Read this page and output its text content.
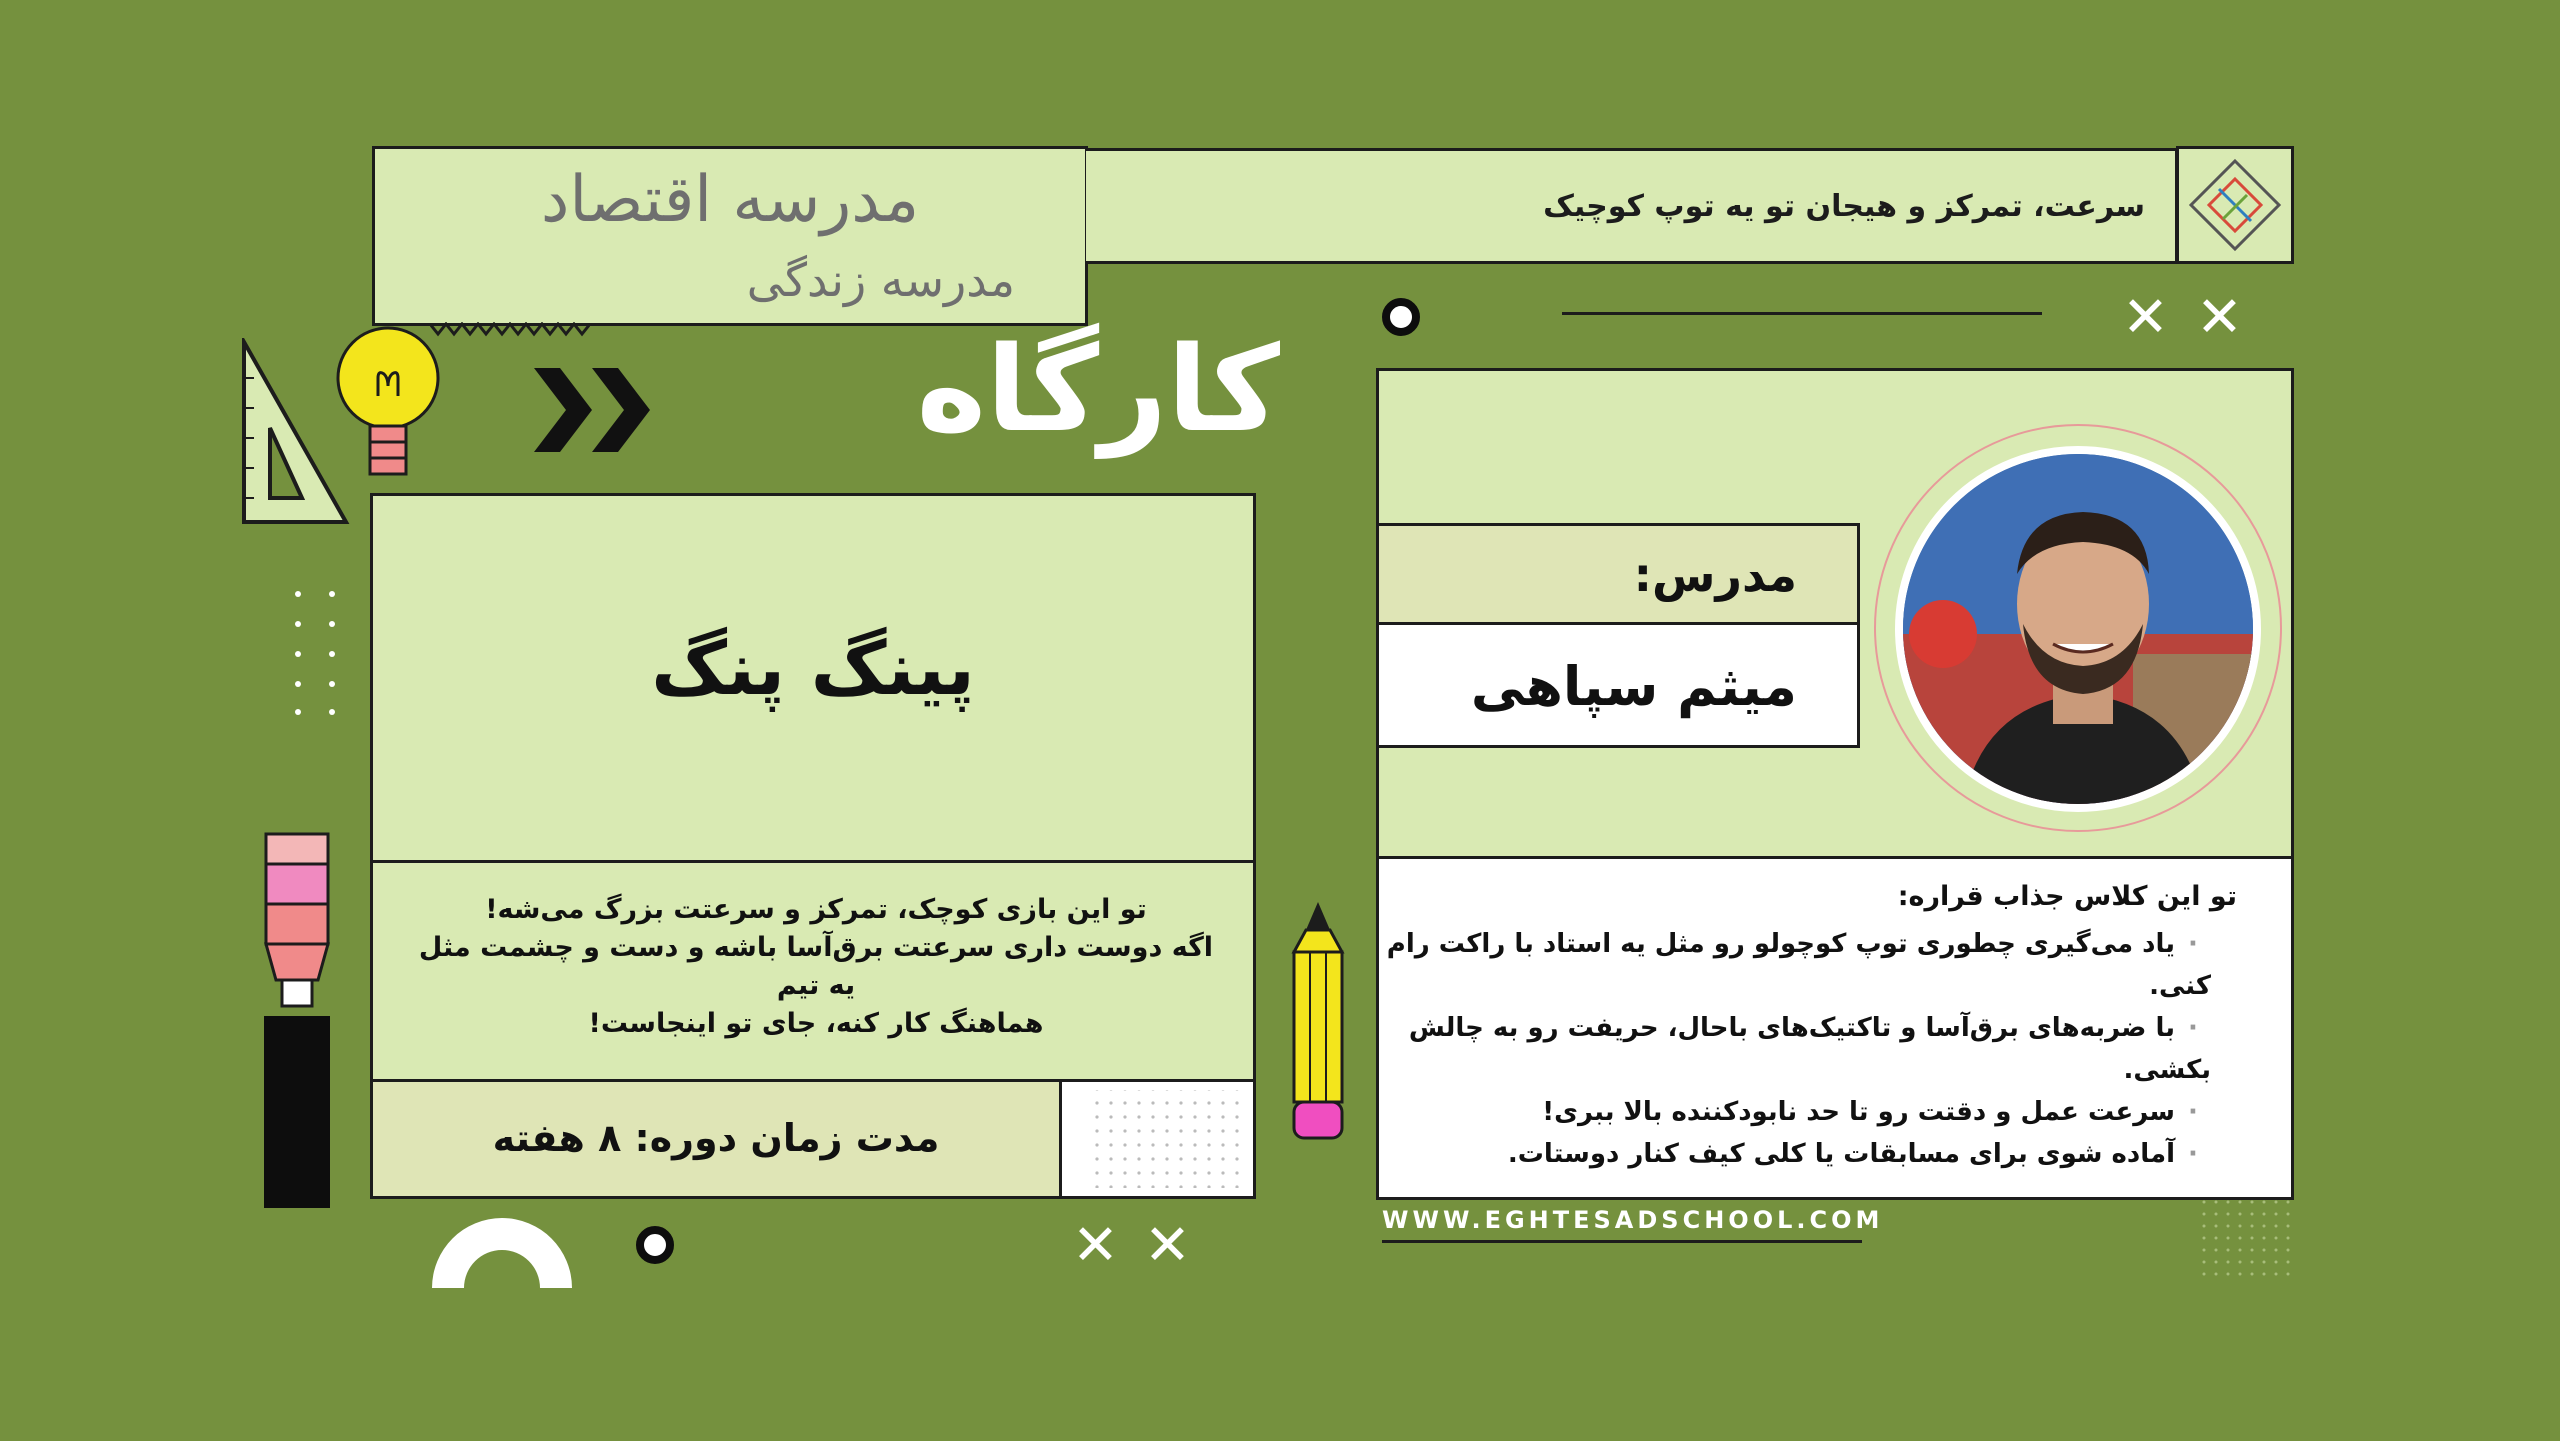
مدرسه اقتصاد
مدرسه زندگی
سرعت، تمرکز و هیجان تو یه توپ کوچیک
کارگاه
✕ ✕
✕ ✕
پینگ پنگ
تو این بازی کوچک، تمرکز و سرعتت بزرگ می‌شه!
اگه دوست داری سرعتت برق‌آسا باشه و دست و چشمت مثل یه تیم
هماهنگ کار کنه، جای تو اینجاست!
مدت زمان دوره: ۸ هفته
مدرس:
میثم سپاهی
تو این کلاس جذاب قراره:
· یاد می‌گیری چطوری توپ کوچولو رو مثل یه استاد با راکت رام کنی.
· با ضربه‌های برق‌آسا و تاکتیک‌های باحال، حریفت رو به چالش بکشی.
· سرعت عمل و دقتت رو تا حد نابودکننده بالا ببری!
· آماده شوی برای مسابقات یا کلی کیف کنار دوستات.
WWW.EGHTESADSCHOOL.COM
